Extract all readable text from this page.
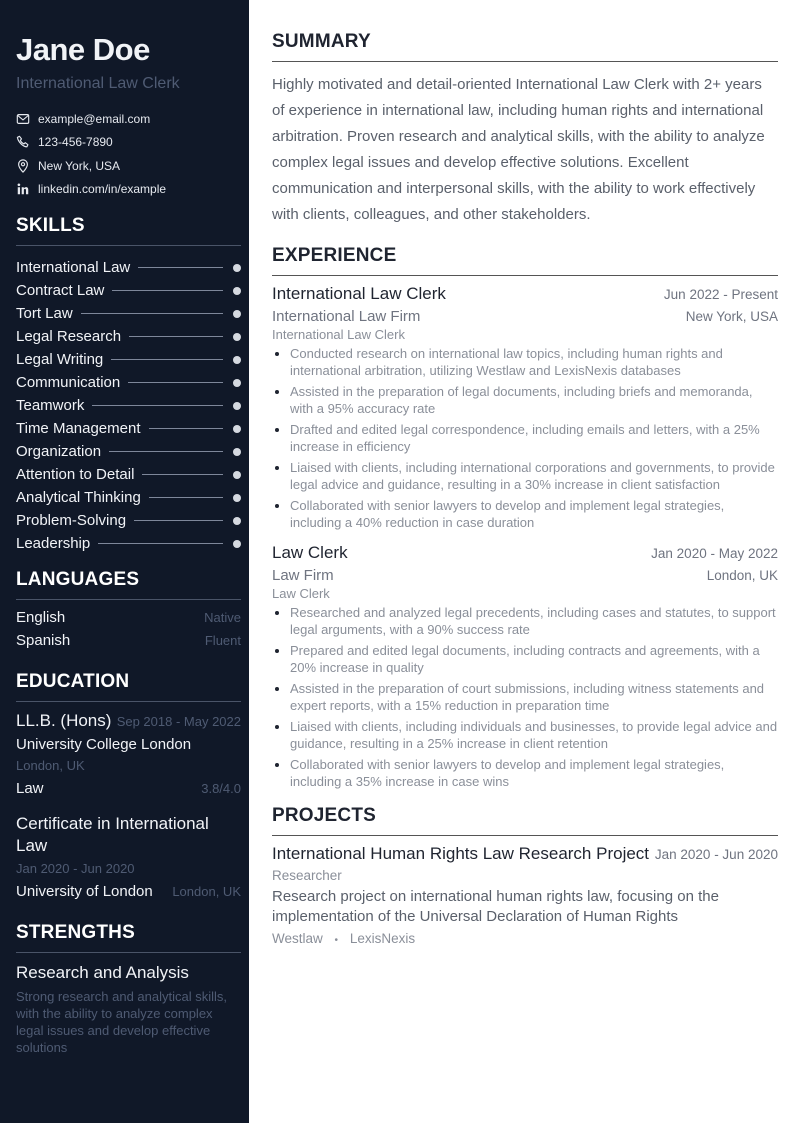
Jane Doe
International Law Clerk
example@email.com
123-456-7890
New York, USA
linkedin.com/in/example
SKILLS
International Law
Contract Law
Tort Law
Legal Research
Legal Writing
Communication
Teamwork
Time Management
Organization
Attention to Detail
Analytical Thinking
Problem-Solving
Leadership
LANGUAGES
English	Native
Spanish	Fluent
EDUCATION
LL.B. (Hons) Sep 2018 - May 2022
University College London
London, UK
Law	3.8/4.0
Certificate in International Law
Jan 2020 - Jun 2020
University of London London, UK
STRENGTHS
Research and Analysis
Strong research and analytical skills, with the ability to analyze complex legal issues and develop effective solutions
SUMMARY

Highly motivated and detail-oriented International Law Clerk with 2+ years of experience in international law, including human rights and international arbitration. Proven research and analytical skills, with the ability to analyze complex legal issues and develop effective solutions. Excellent communication and interpersonal skills, with the ability to work effectively with clients, colleagues, and other stakeholders.

EXPERIENCE
International Law Clerk	Jun 2022 - Present
International Law Firm	New York, USA
International Law Clerk
• Conducted research on international law topics, including human rights and international arbitration, utilizing Westlaw and LexisNexis databases
• Assisted in the preparation of legal documents, including briefs and memoranda, with a 95% accuracy rate
• Drafted and edited legal correspondence, including emails and letters, with a 25% increase in efficiency
• Liaised with clients, including international corporations and governments, to provide legal advice and guidance, resulting in a 30% increase in client satisfaction
• Collaborated with senior lawyers to develop and implement legal strategies, including a 40% reduction in case duration
Law Clerk	Jan 2020 - May 2022
Law Firm	London, UK
Law Clerk
• Researched and analyzed legal precedents, including cases and statutes, to support legal arguments, with a 90% success rate
• Prepared and edited legal documents, including contracts and agreements, with a 20% increase in quality
• Assisted in the preparation of court submissions, including witness statements and expert reports, with a 15% reduction in preparation time
• Liaised with clients, including individuals and businesses, to provide legal advice and guidance, resulting in a 25% increase in client retention
• Collaborated with senior lawyers to develop and implement legal strategies, including a 35% increase in case wins
PROJECTS
International Human Rights Law Research Project Jan 2020 - Jun 2020
Researcher
Research project on international human rights law, focusing on the implementation of the Universal Declaration of Human Rights
Westlaw • LexisNexis
